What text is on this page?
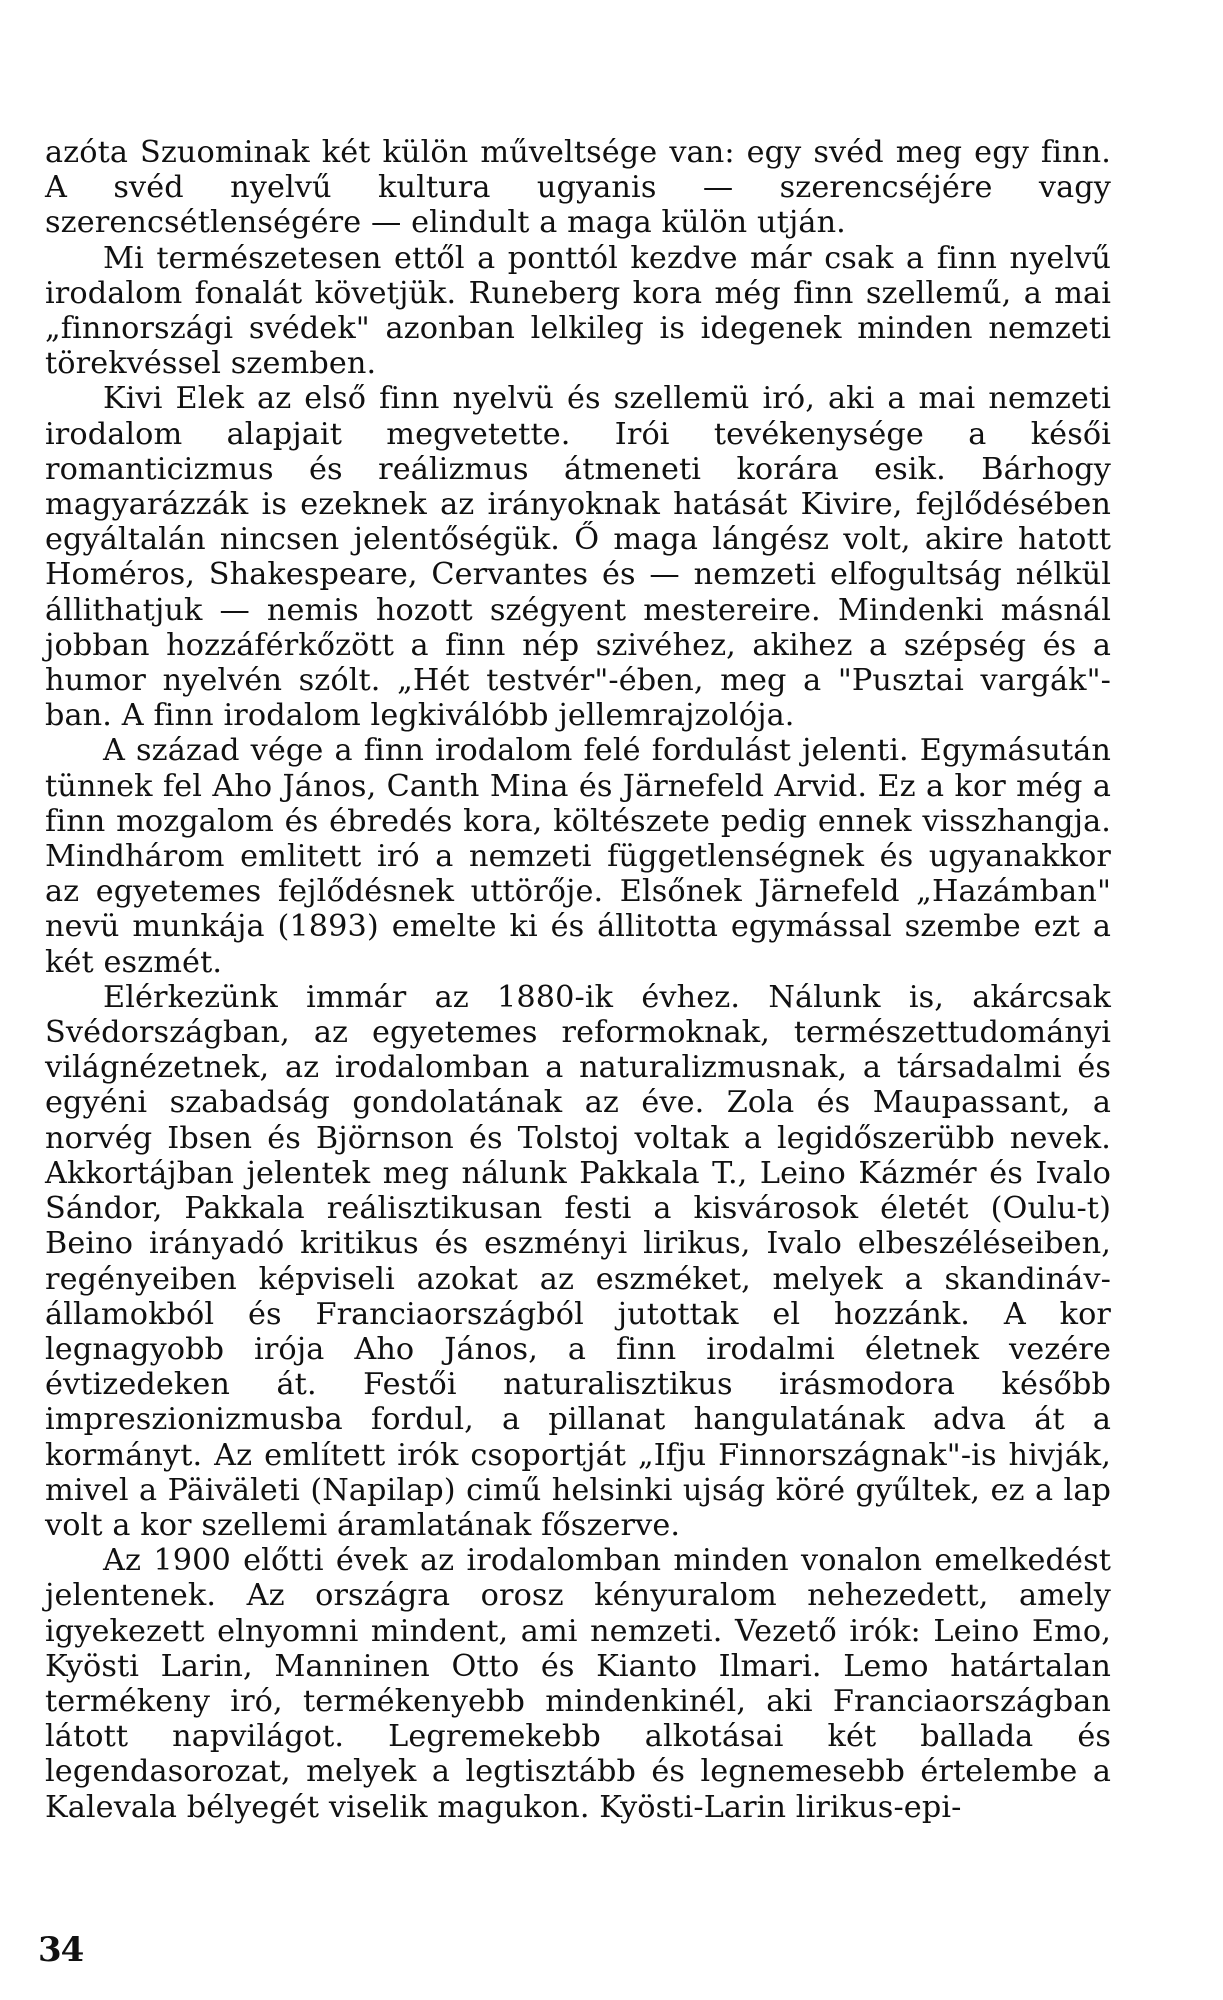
azóta Szuominak két külön műveltsége van: egy svéd meg egy finn. A svéd nyelvű kultura ugyanis — szerencséjére vagy szerencsétlenségére — elindult a maga külön utján.

Mi természetesen ettől a ponttól kezdve már csak a finn nyelvű irodalom fonalát követjük. Runeberg kora még finn szellemű, a mai „finnországi svédek" azonban lelkileg is idegenek minden nemzeti törekvéssel szemben.

Kivi Elek az első finn nyelvü és szellemü iró, aki a mai nemzeti irodalom alapjait megvetette. Irói tevékenysége a késői romanticizmus és reálizmus átmeneti korára esik. Bárhogy magyarázzák is ezeknek az irányoknak hatását Kivire, fejlődésében egyáltalán nincsen jelentőségük. Ő maga lángész volt, akire hatott Homéros, Shakespeare, Cervantes és — nemzeti elfogultság nélkül állithatjuk — nemis hozott szégyent mestereire. Mindenki másnál jobban hozzáférkőzött a finn nép szivéhez, akihez a szépség és a humor nyelvén szólt. „Hét testvér"-ében, meg a "Pusztai vargák"-ban. A finn irodalom legkiválóbb jellemrajzolója.

A század vége a finn irodalom felé fordulást jelenti. Egymásután tünnek fel Aho János, Canth Mina és Järnefeld Arvid. Ez a kor még a finn mozgalom és ébredés kora, költészete pedig ennek visszhangja. Mindhárom emlitett iró a nemzeti függetlenségnek és ugyanakkor az egyetemes fejlődésnek uttörője. Elsőnek Järnefeld „Hazámban" nevü munkája (1893) emelte ki és állitotta egymással szembe ezt a két eszmét.

Elérkezünk immár az 1880-ik évhez. Nálunk is, akárcsak Svédországban, az egyetemes reformoknak, természettudományi világnézetnek, az irodalomban a naturalizmusnak, a társadalmi és egyéni szabadság gondolatának az éve. Zola és Maupassant, a norvég Ibsen és Björnson és Tolstoj voltak a legidőszerübb nevek. Akkortájban jelentek meg nálunk Pakkala T., Leino Kázmér és Ivalo Sándor, Pakkala reálisztikusan festi a kisvárosok életét (Oulu-t) Beino irányadó kritikus és eszményi lirikus, Ivalo elbeszéléseiben, regényeiben képviseli azokat az eszméket, melyek a skandináv-államokból és Franciaországból jutottak el hozzánk. A kor legnagyobb irója Aho János, a finn irodalmi életnek vezére évtizedeken át. Festői naturalisztikus irásmodora később impreszionizmusba fordul, a pillanat hangulatának adva át a kormányt. Az említett irók csoportját „Ifju Finnországnak"-is hivják, mivel a Päiväleti (Napilap) cimű helsinki ujság köré gyűltek, ez a lap volt a kor szellemi áramlatának főszerve.

Az 1900 előtti évek az irodalomban minden vonalon emelkedést jelentenek. Az országra orosz kényuralom nehezedett, amely igyekezett elnyomni mindent, ami nemzeti. Vezető irók: Leino Emo, Kyösti Larin, Manninen Otto és Kianto Ilmari. Lemo határtalan termékeny iró, termékenyebb mindenkinél, aki Franciaországban látott napvilágot. Legremekebb alkotásai két ballada és legendasorozat, melyek a legtisztább és legnemesebb értelembe a Kalevala bélyegét viselik magukon. Kyösti-Larin lirikus-epi-

34
